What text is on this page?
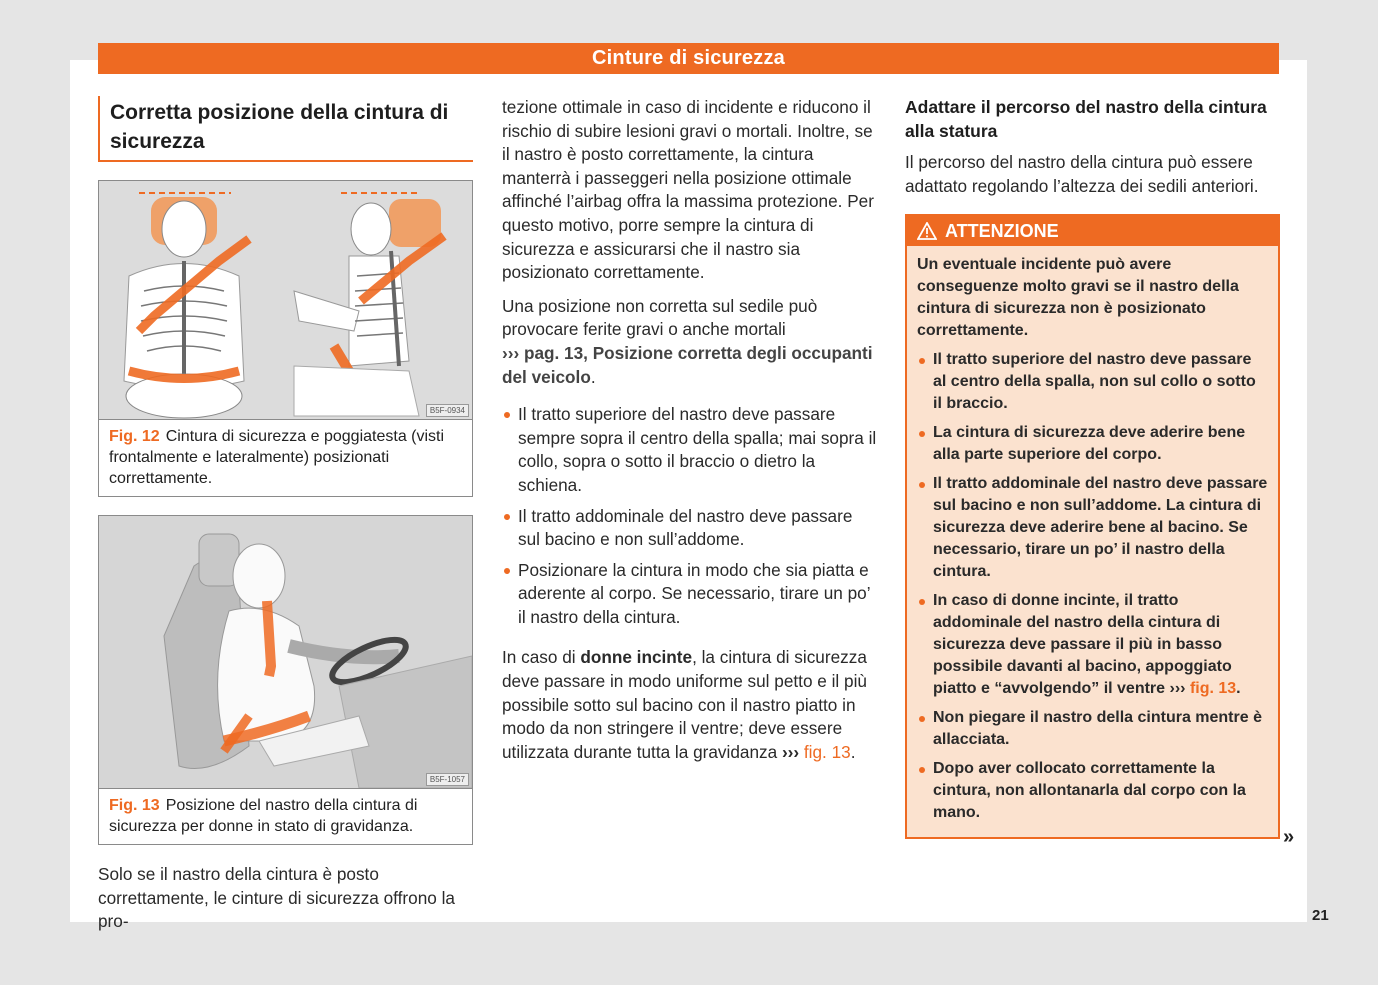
Cinture di sicurezza
Corretta posizione della cintura di sicurezza
B5F-0934
Fig. 12 Cintura di sicurezza e poggiatesta (visti frontalmente e lateralmente) posizionati correttamente.
B5F-1057
Fig. 13 Posizione del nastro della cintura di sicurezza per donne in stato di gravidanza.

Solo se il nastro della cintura è posto correttamente, le cinture di sicurezza offrono la pro-

tezione ottimale in caso di incidente e riducono il rischio di subire lesioni gravi o mortali. Inoltre, se il nastro è posto correttamente, la cintura manterrà i passeggeri nella posizione ottimale affinché l’airbag offra la massima protezione. Per questo motivo, porre sempre la cintura di sicurezza e assicurarsi che il nastro sia posizionato correttamente.

Una posizione non corretta sul sedile può provocare ferite gravi o anche mortali
››› pag. 13, Posizione corretta degli occupanti del veicolo.

Il tratto superiore del nastro deve passare sempre sopra il centro della spalla; mai sopra il collo, sopra o sotto il braccio o dietro la schiena.
Il tratto addominale del nastro deve passare sul bacino e non sull’addome.
Posizionare la cintura in modo che sia piatta e aderente al corpo. Se necessario, tirare un po’ il nastro della cintura.

In caso di donne incinte, la cintura di sicurezza deve passare in modo uniforme sul petto e il più possibile sotto sul bacino con il nastro piatto in modo da non stringere il ventre; deve essere utilizzata durante tutta la gravidanza ››› fig. 13.

Adattare il percorso del nastro della cintura alla statura

Il percorso del nastro della cintura può essere adattato regolando l’altezza dei sedili anteriori.

ATTENZIONE

Un eventuale incidente può avere conseguenze molto gravi se il nastro della cintura di sicurezza non è posizionato correttamente.

Il tratto superiore del nastro deve passare al centro della spalla, non sul collo o sotto il braccio.
La cintura di sicurezza deve aderire bene alla parte superiore del corpo.
Il tratto addominale del nastro deve passare sul bacino e non sull’addome. La cintura di sicurezza deve aderire bene al bacino. Se necessario, tirare un po’ il nastro della cintura.
In caso di donne incinte, il tratto addominale del nastro della cintura di sicurezza deve passare il più in basso possibile davanti al bacino, appoggiato piatto e “avvolgendo” il ventre ››› fig. 13.
Non piegare il nastro della cintura mentre è allacciata.
Dopo aver collocato correttamente la cintura, non allontanarla dal corpo con la mano.
»
21
